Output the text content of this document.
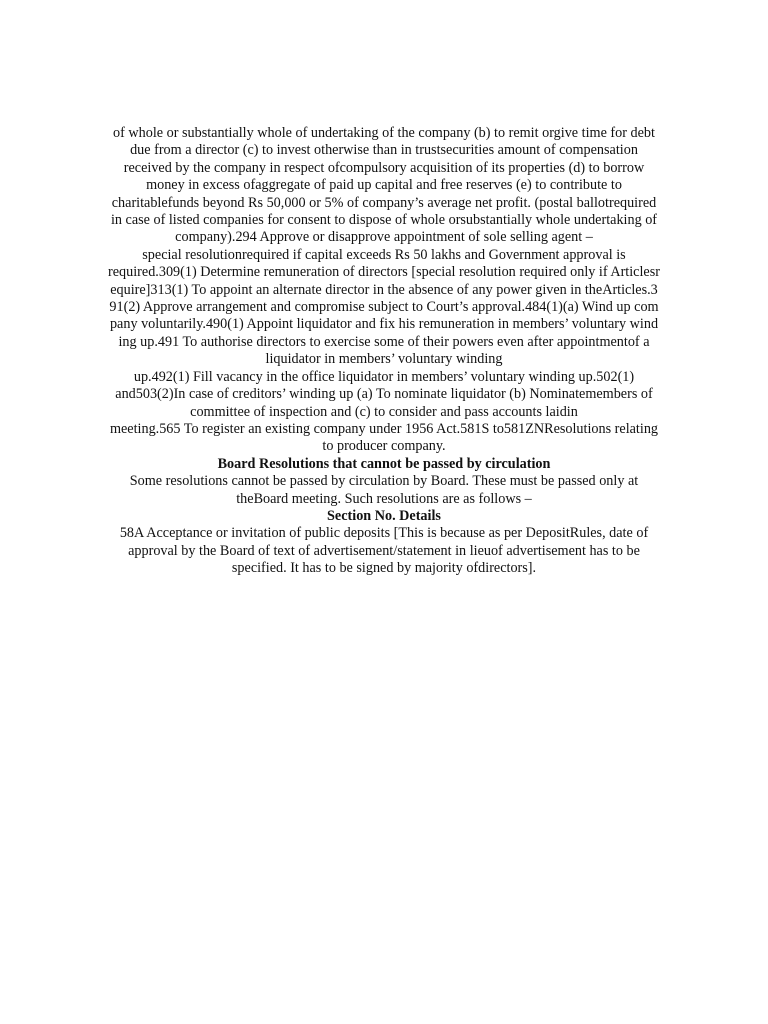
of whole or substantially whole of undertaking of the company (b) to remit orgive time for debt

due from a director (c) to invest otherwise than in trustsecurities amount of compensation

received by the company in respect ofcompulsory acquisition of its properties (d) to borrow

money in excess ofaggregate of paid up capital and free reserves (e) to contribute to

charitablefunds beyond Rs 50,000 or 5% of company’s average net profit. (postal ballotrequired

in case of listed companies for consent to dispose of whole orsubstantially whole undertaking of

company).294 Approve or disapprove appointment of sole selling agent –

special resolutionrequired if capital exceeds Rs 50 lakhs and Government approval is

required.309(1) Determine remuneration of directors [special resolution required only if Articlesr

equire]313(1) To appoint an alternate director in the absence of any power given in theArticles.3

91(2) Approve arrangement and compromise subject to Court’s approval.484(1)(a) Wind up com

pany voluntarily.490(1) Appoint liquidator and fix his remuneration in members’ voluntary wind

ing up.491 To authorise directors to exercise some of their powers even after appointmentof a

liquidator in members’ voluntary winding

up.492(1) Fill vacancy in the office liquidator in members’ voluntary winding up.502(1)

and503(2)In case of creditors’ winding up (a) To nominate liquidator (b) Nominatemembers of

committee of inspection and (c) to consider and pass accounts laidin

meeting.565 To register an existing company under 1956 Act.581S to581ZNResolutions relating

to producer company.

Board Resolutions that cannot be passed by circulation

Some resolutions cannot be passed by circulation by Board. These must be passed only at

theBoard meeting. Such resolutions are as follows –

Section No. Details

58A Acceptance or invitation of public deposits [This is because as per DepositRules, date of

approval by the Board of text of advertisement/statement in lieuof advertisement has to be

specified. It has to be signed by majority ofdirectors].
